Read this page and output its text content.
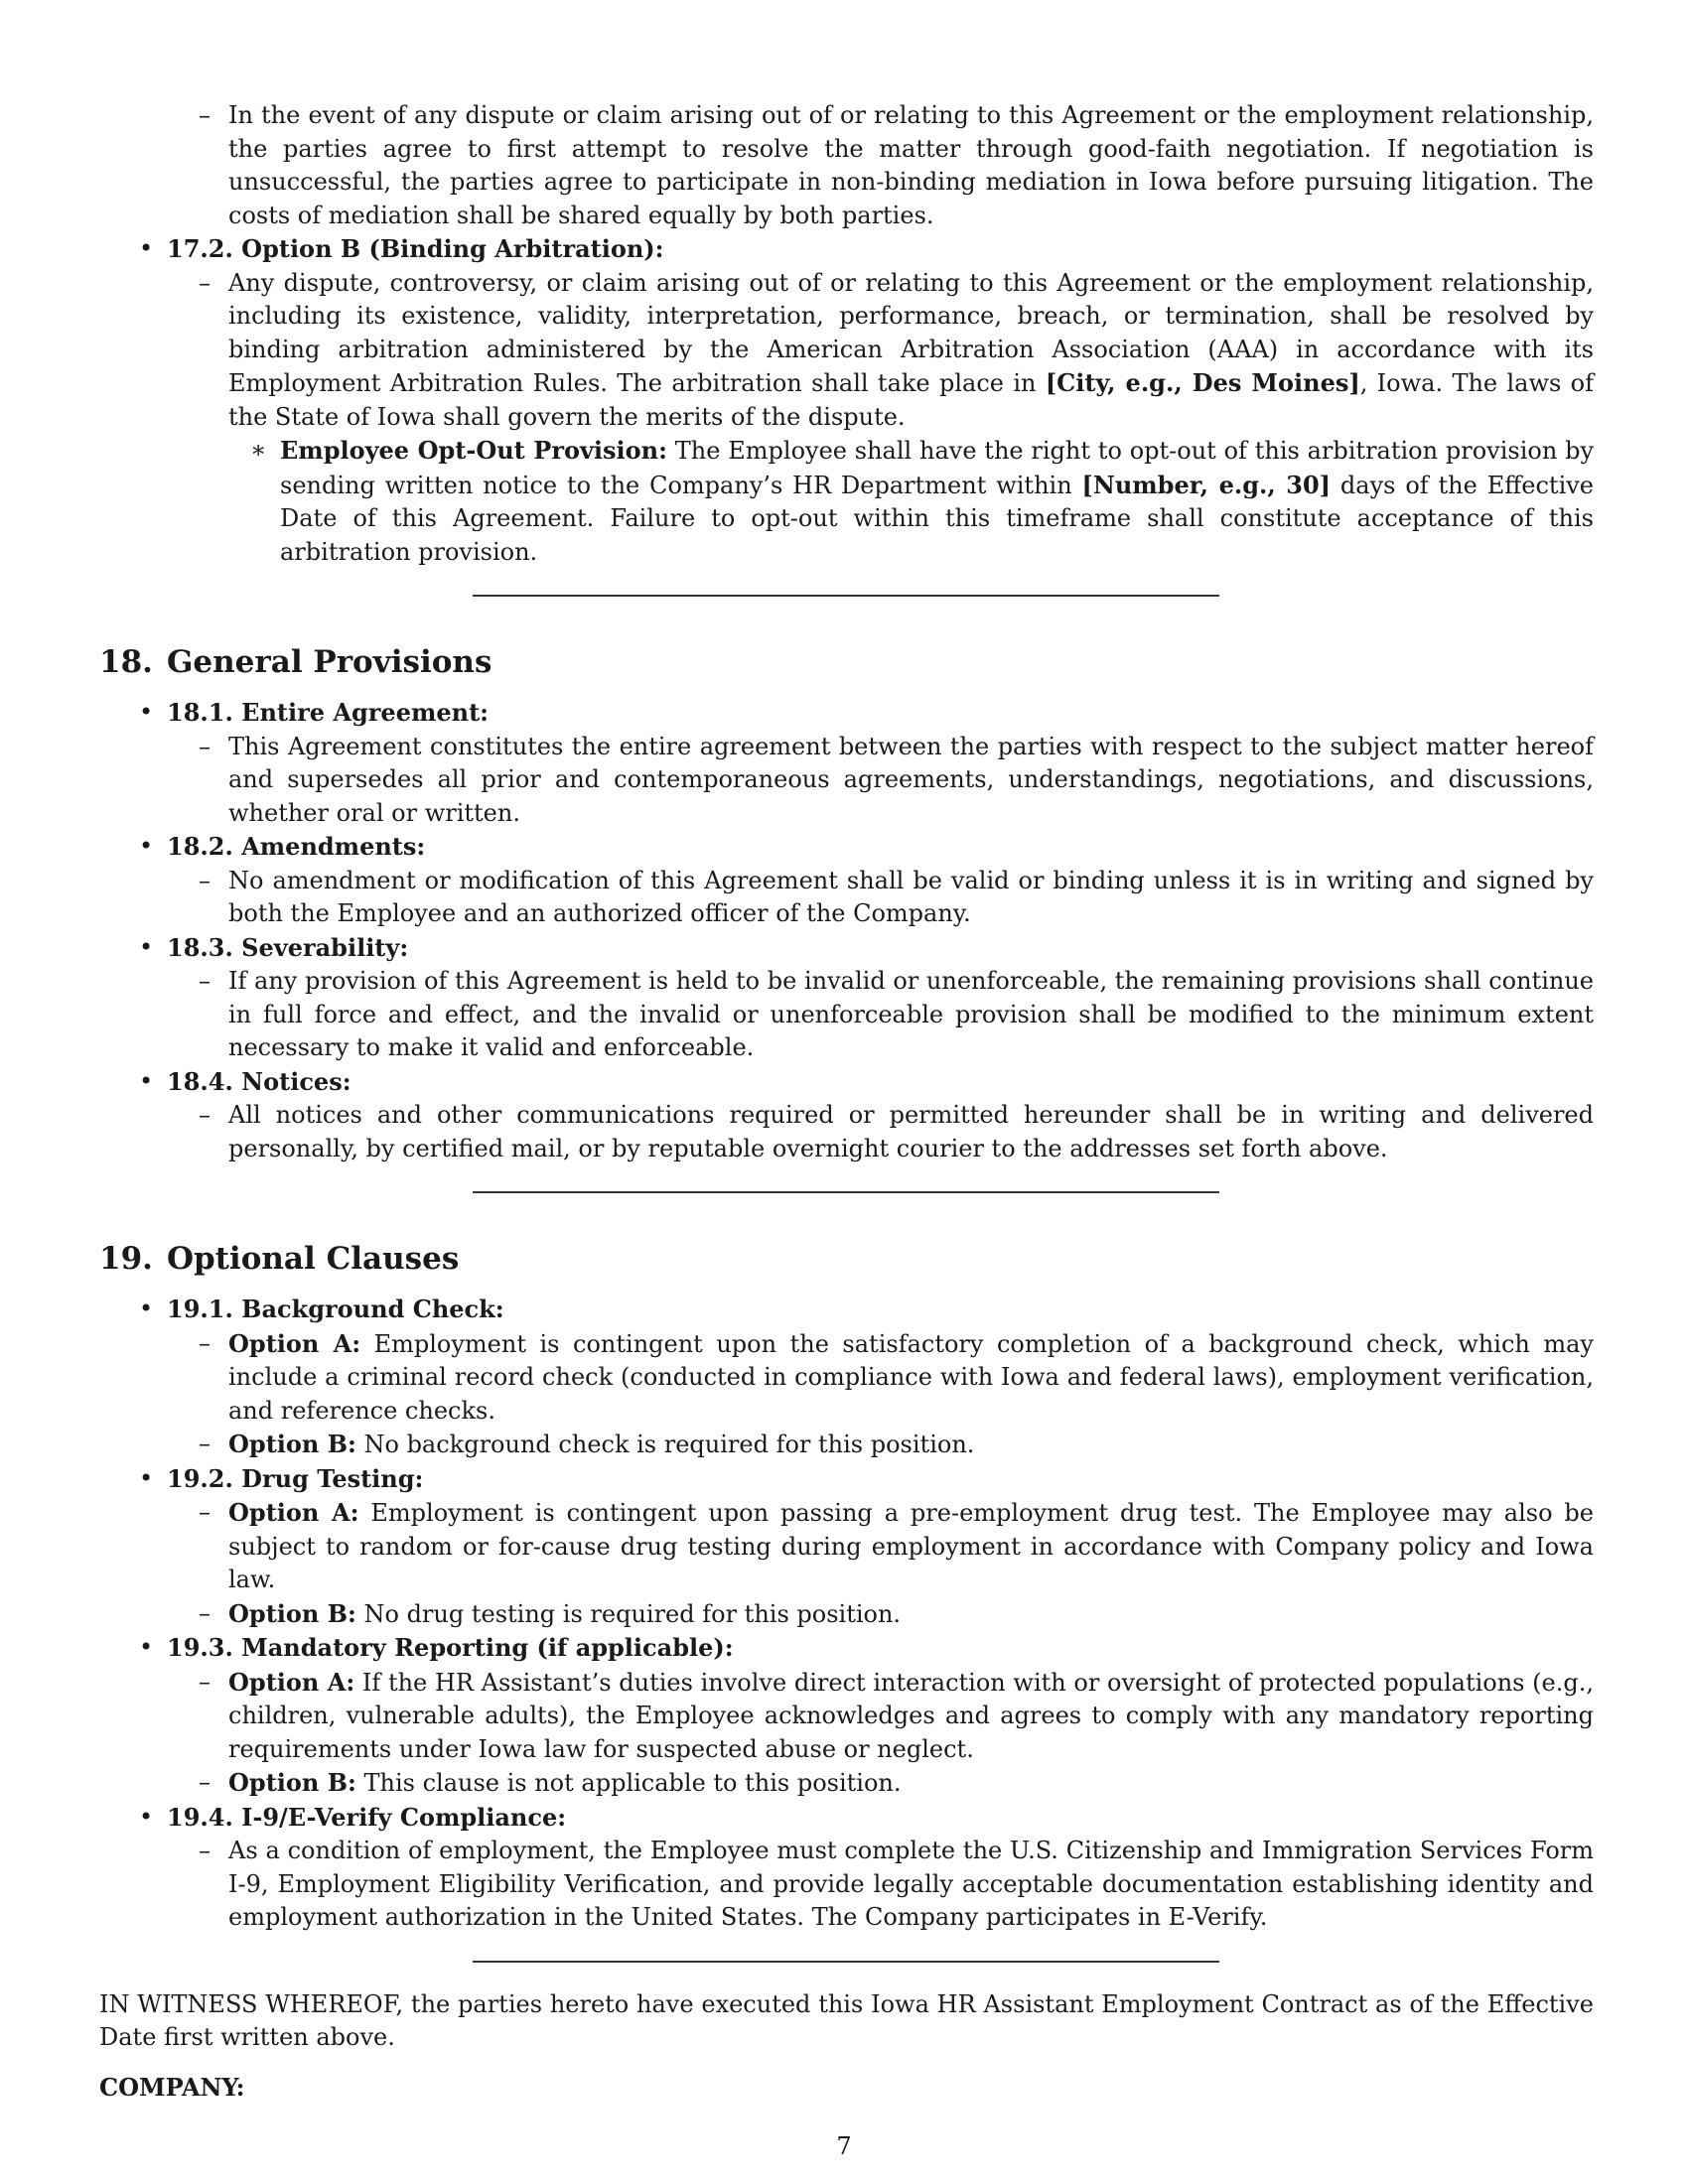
– In the event of any dispute or claim arising out of or relating to this Agreement or the employment relationship, the parties agree to first attempt to resolve the matter through good-faith negotiation. If negotiation is unsuccessful, the parties agree to participate in non-binding mediation in Iowa before pursuing litigation. The costs of mediation shall be shared equally by both parties.
• 17.2. Option B (Binding Arbitration):
– Any dispute, controversy, or claim arising out of or relating to this Agreement or the employment relationship, including its existence, validity, interpretation, performance, breach, or termination, shall be resolved by binding arbitration administered by the American Arbitration Association (AAA) in accordance with its Employment Arbitration Rules. The arbitration shall take place in [City, e.g., Des Moines], Iowa. The laws of the State of Iowa shall govern the merits of the dispute.
∗ Employee Opt-Out Provision: The Employee shall have the right to opt-out of this arbitration provision by sending written notice to the Company’s HR Department within [Number, e.g., 30] days of the Effective Date of this Agreement. Failure to opt-out within this timeframe shall constitute acceptance of this arbitration provision.
18. General Provisions
• 18.1. Entire Agreement:
– This Agreement constitutes the entire agreement between the parties with respect to the subject matter hereof and supersedes all prior and contemporaneous agreements, understandings, negotiations, and discussions, whether oral or written.
• 18.2. Amendments:
– No amendment or modification of this Agreement shall be valid or binding unless it is in writing and signed by both the Employee and an authorized officer of the Company.
• 18.3. Severability:
– If any provision of this Agreement is held to be invalid or unenforceable, the remaining provisions shall continue in full force and effect, and the invalid or unenforceable provision shall be modified to the minimum extent necessary to make it valid and enforceable.
• 18.4. Notices:
– All notices and other communications required or permitted hereunder shall be in writing and delivered personally, by certified mail, or by reputable overnight courier to the addresses set forth above.
19. Optional Clauses
• 19.1. Background Check:
– Option A: Employment is contingent upon the satisfactory completion of a background check, which may include a criminal record check (conducted in compliance with Iowa and federal laws), employment verification, and reference checks.
– Option B: No background check is required for this position.
• 19.2. Drug Testing:
– Option A: Employment is contingent upon passing a pre-employment drug test. The Employee may also be subject to random or for-cause drug testing during employment in accordance with Company policy and Iowa law.
– Option B: No drug testing is required for this position.
• 19.3. Mandatory Reporting (if applicable):
– Option A: If the HR Assistant’s duties involve direct interaction with or oversight of protected populations (e.g., children, vulnerable adults), the Employee acknowledges and agrees to comply with any mandatory reporting requirements under Iowa law for suspected abuse or neglect.
– Option B: This clause is not applicable to this position.
• 19.4. I-9/E-Verify Compliance:
– As a condition of employment, the Employee must complete the U.S. Citizenship and Immigration Services Form I-9, Employment Eligibility Verification, and provide legally acceptable documentation establishing identity and employment authorization in the United States. The Company participates in E-Verify.
IN WITNESS WHEREOF, the parties hereto have executed this Iowa HR Assistant Employment Contract as of the Effective Date first written above.
COMPANY:
7
